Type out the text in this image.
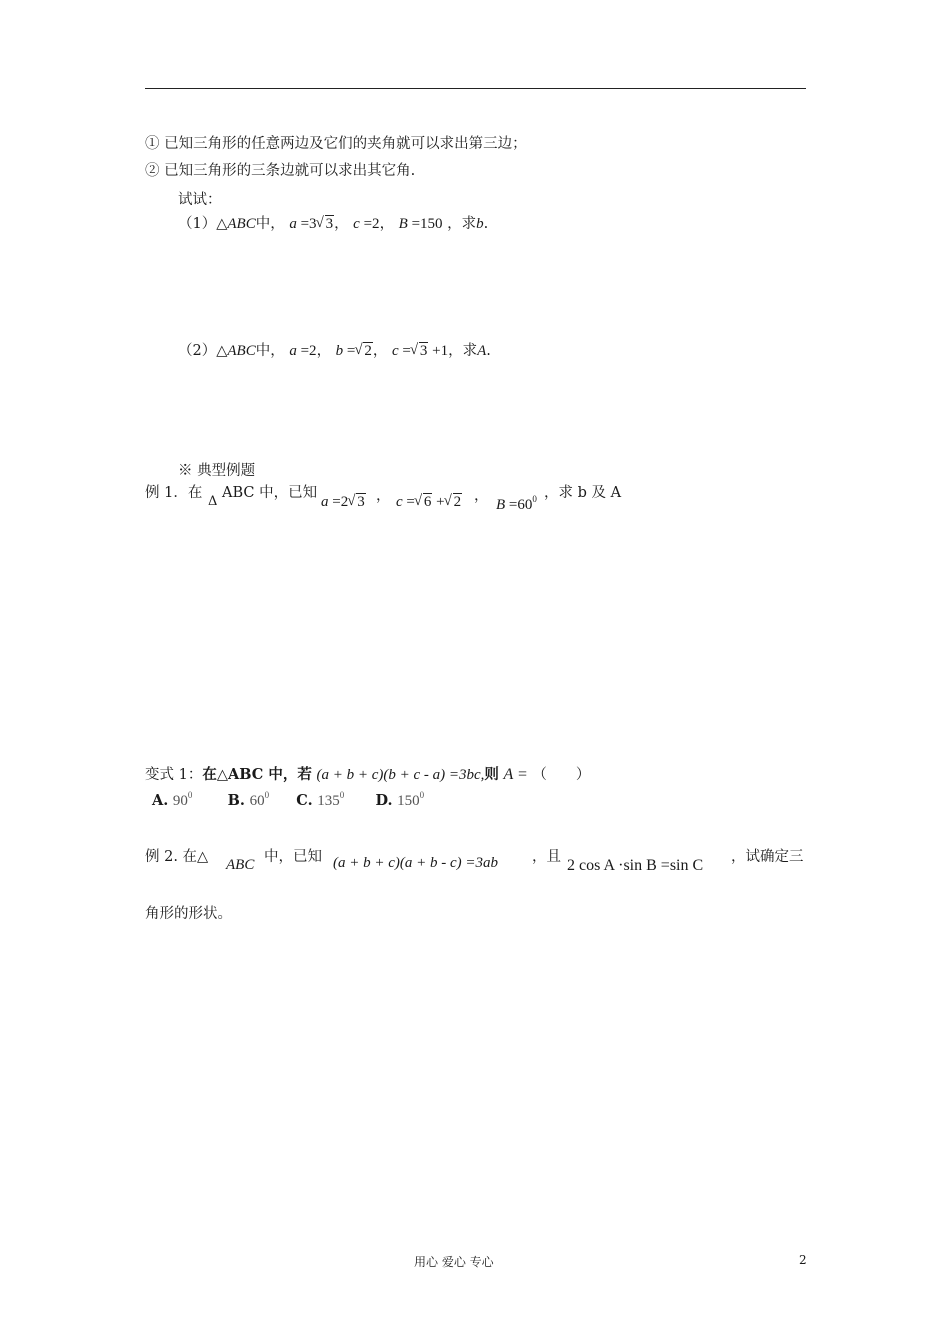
① 已知三角形的任意两边及它们的夹角就可以求出第三边；
② 已知三角形的三条边就可以求出其它角.
试试：
（1）△ABC中， a =3 √ 3， c =2， B =150 ，求b.
（2）△ABC中， a =2， b = √ 2， c = √ 3 +1，求A.
※ 典型例题
例 1．在
Δ
ABC 中，已知
a =2 √ 3 ， c = √ 6 + √ 2 ，
$B =60^0$ ，求 b 及 A
变式 1：在△ABC 中，若 (a + b + c)(b + c - a) =3bc,则 A = （　　）
A. $90^0$ B. $60^0$ C. $135^0$ D. $150^0$
例 2. 在△ ABC 中，已知 (a + b + c)(a + b - c) =3ab ，且 2 cos A ·sin B =sin C ，试确定三
角形的形状。
用心 爱心 专心	2
